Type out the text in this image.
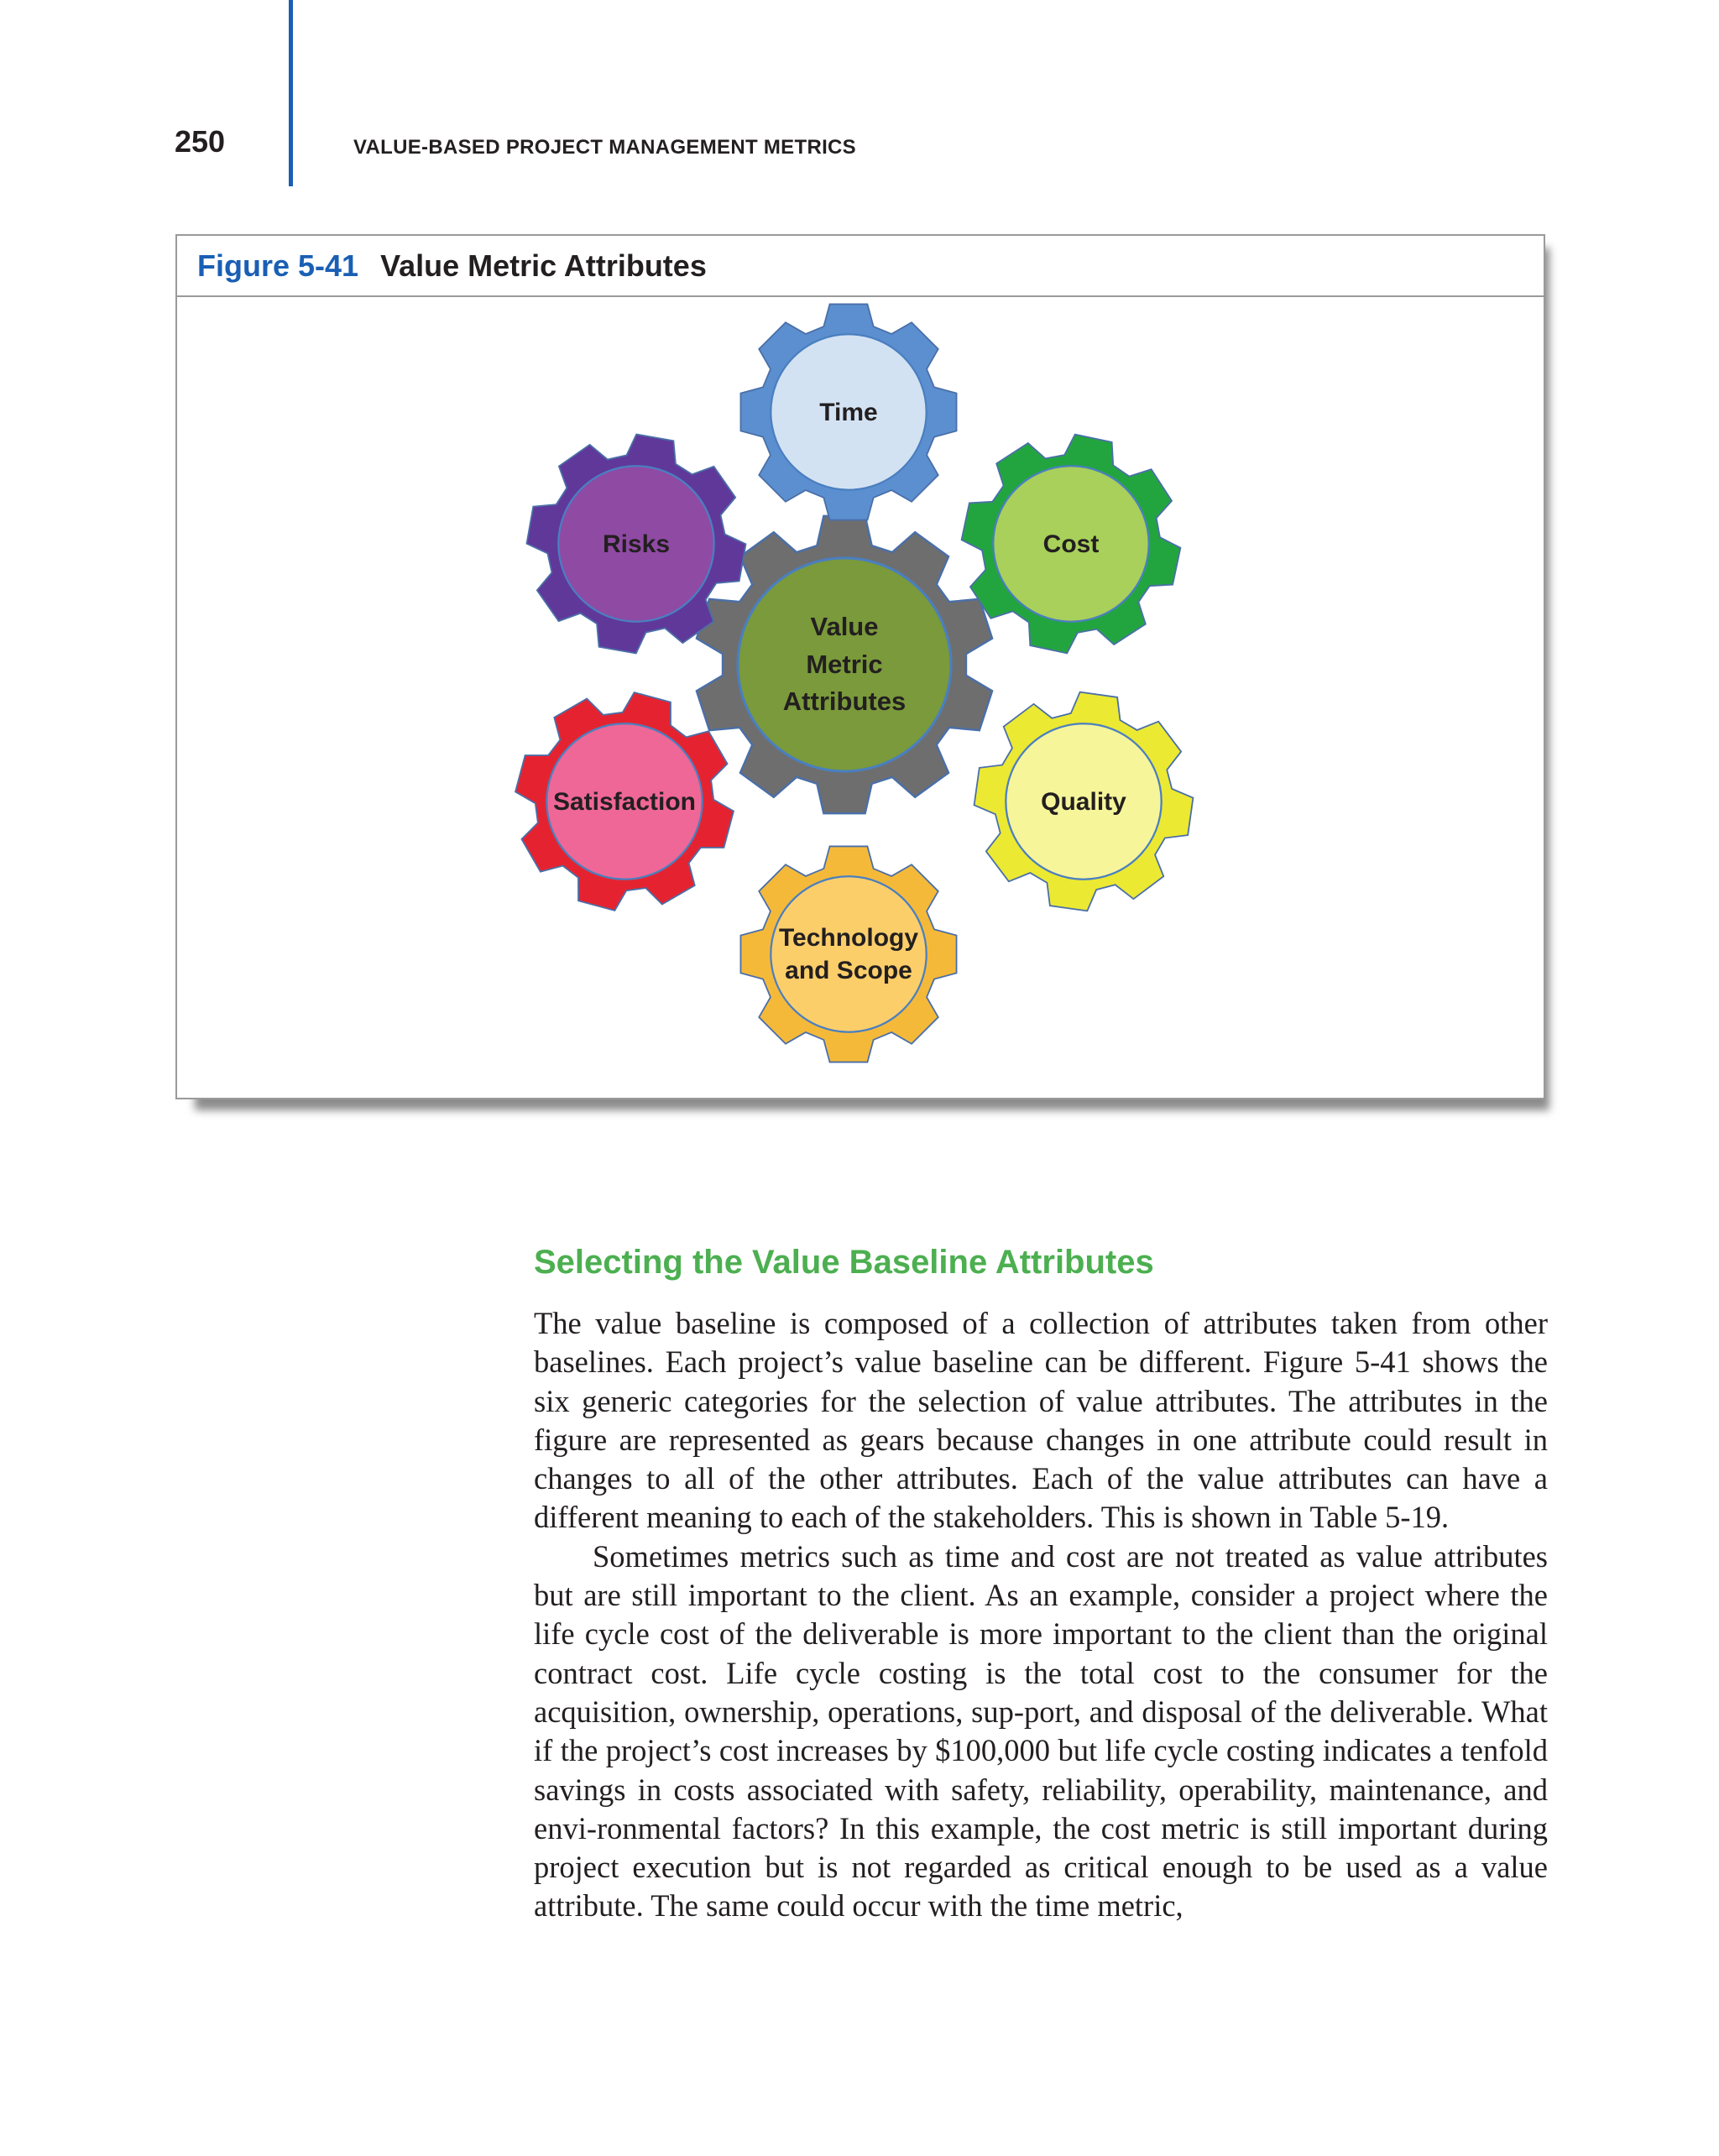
250	VALUE-BASED PROJECT MANAGEMENT METRICS
Figure 5-41 Value Metric Attributes
Value
Metric
Attributes
Time
Cost
Quality
Technology
and Scope
Satisfaction
Risks
Selecting the Value Baseline Attributes

The value baseline is composed of a collection of attributes taken from other baselines. Each project’s value baseline can be different. Figure 5-41 shows the six generic categories for the selection of value attributes. The attributes in the figure are represented as gears because changes in one attribute could result in changes to all of the other attributes. Each of the value attributes can have a different meaning to each of the stakeholders. This is shown in Table 5-19.

Sometimes metrics such as time and cost are not treated as value attributes but are still important to the client. As an example, consider a project where the life cycle cost of the deliverable is more important to the client than the original contract cost. Life cycle costing is the total cost to the consumer for the acquisition, ownership, operations, sup-port, and disposal of the deliverable. What if the project’s cost increases by $100,000 but life cycle costing indicates a tenfold savings in costs associated with safety, reliability, operability, maintenance, and envi-ronmental factors? In this example, the cost metric is still important during project execution but is not regarded as critical enough to be used as a value attribute. The same could occur with the time metric,
